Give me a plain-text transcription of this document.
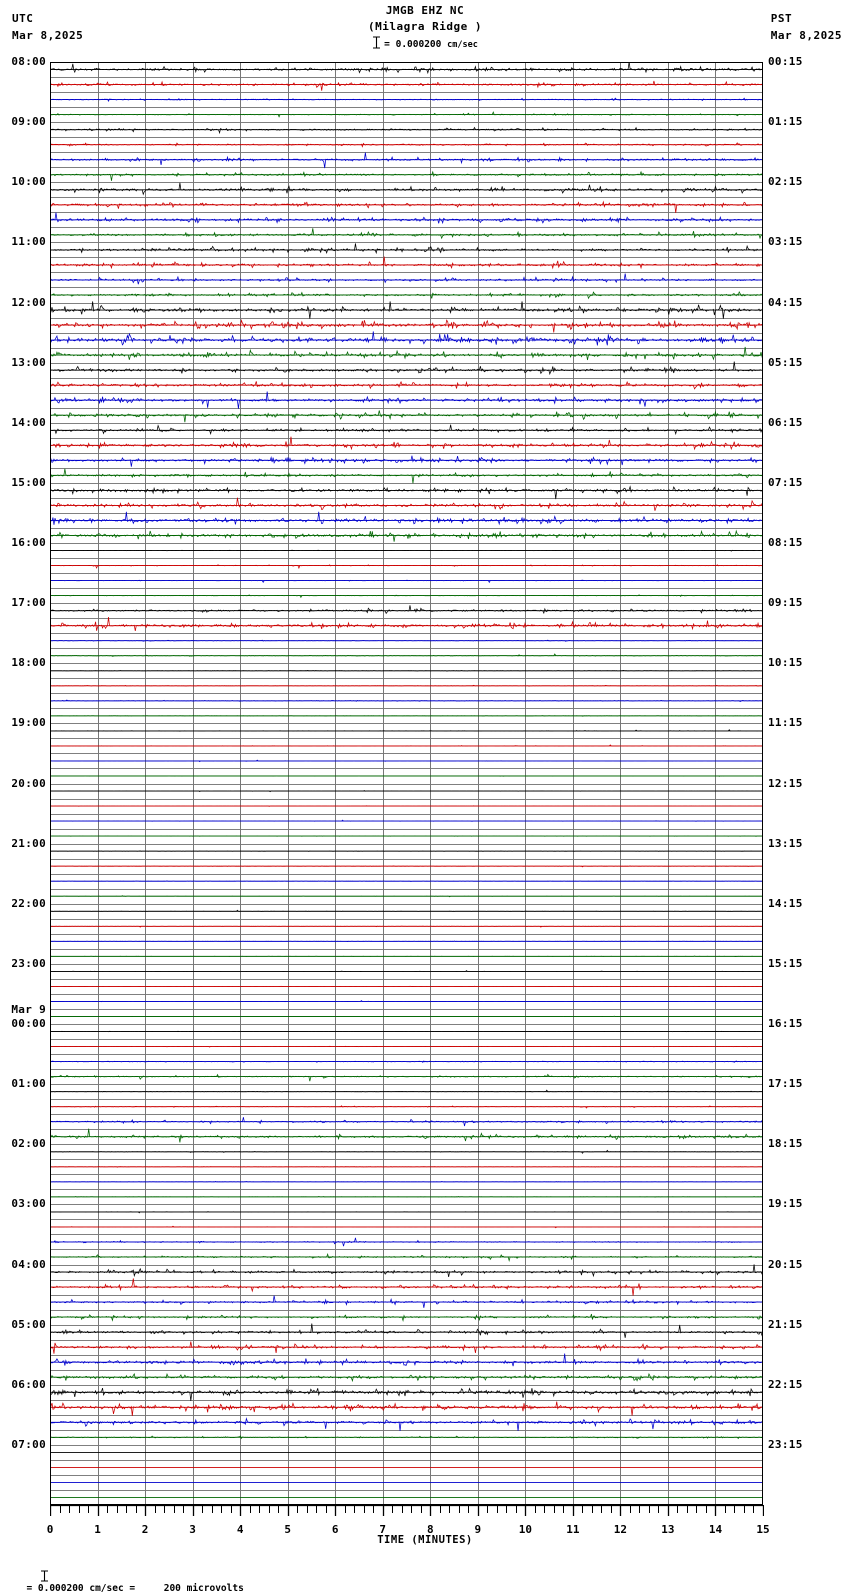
UTC
Mar 8,2025
JMGB EHZ NC
(Milagra Ridge )
= 0.000200 cm/sec
PST
Mar 8,2025
08:00
09:00
10:00
11:00
12:00
13:00
14:00
15:00
16:00
17:00
18:00
19:00
20:00
21:00
22:00
23:00
00:00
01:00
02:00
03:00
04:00
05:00
06:00
07:00
Mar 9
00:15
01:15
02:15
03:15
04:15
05:15
06:15
07:15
08:15
09:15
10:15
11:15
12:15
13:15
14:15
15:15
16:15
17:15
18:15
19:15
20:15
21:15
22:15
23:15
0	1	2	3	4	5	6	7	8	9	10	11	12	13	14	15
TIME (MINUTES)

= 0.000200 cm/sec =     200 microvolts
